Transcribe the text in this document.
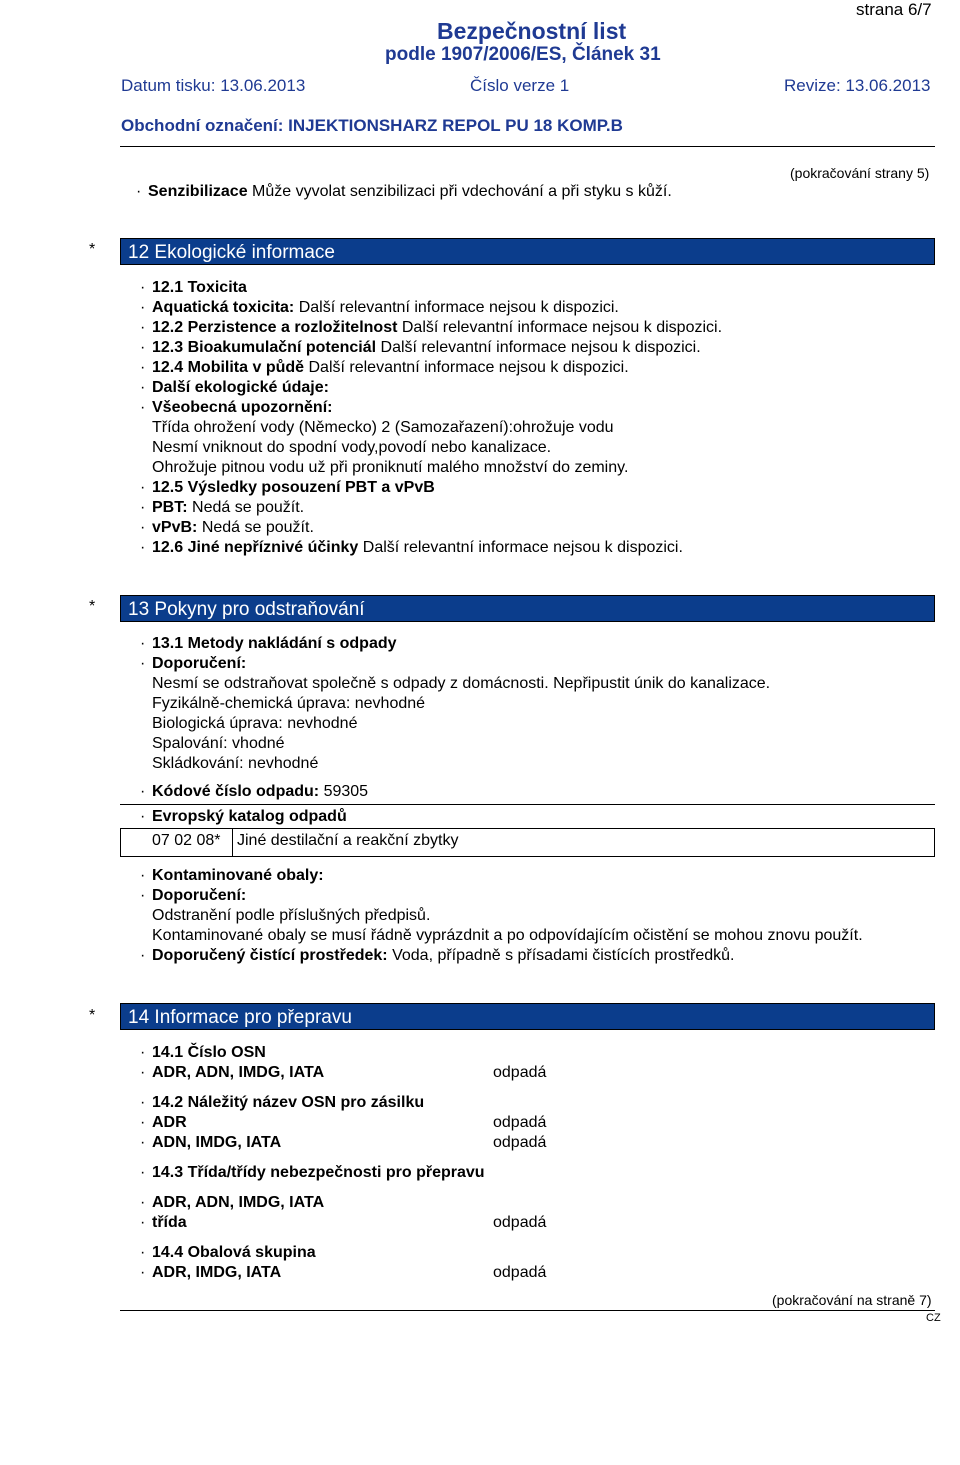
strana 6/7
Bezpečnostní list
podle 1907/2006/ES, Článek 31
Datum tisku: 13.06.2013	Číslo verze 1	Revize: 13.06.2013
Obchodní označení: INJEKTIONSHARZ REPOL PU 18 KOMP.B
(pokračování strany 5)
· Senzibilizace Může vyvolat senzibilizaci při vdechování a při styku s kůží.
*	12 Ekologické informace
· 12.1 Toxicita
· Aquatická toxicita: Další relevantní informace nejsou k dispozici.
· 12.2 Perzistence a rozložitelnost Další relevantní informace nejsou k dispozici.
· 12.3 Bioakumulační potenciál Další relevantní informace nejsou k dispozici.
· 12.4 Mobilita v půdě Další relevantní informace nejsou k dispozici.
· Další ekologické údaje:
· Všeobecná upozornění:
Třída ohrožení vody (Německo) 2 (Samozařazení):ohrožuje vodu
Nesmí vniknout do spodní vody,povodí nebo kanalizace.
Ohrožuje pitnou vodu už při proniknutí malého množství do zeminy.
· 12.5 Výsledky posouzení PBT a vPvB
· PBT: Nedá se použít.
· vPvB: Nedá se použít.
· 12.6 Jiné nepříznivé účinky Další relevantní informace nejsou k dispozici.
*	13 Pokyny pro odstraňování
· 13.1 Metody nakládání s odpady
· Doporučení:
Nesmí se odstraňovat společně s odpady z domácnosti. Nepřipustit únik do kanalizace.
Fyzikálně-chemická úprava: nevhodné
Biologická úprava: nevhodné
Spalování: vhodné
Skládkování: nevhodné
· Kódové číslo odpadu: 59305
· Evropský katalog odpadů
07 02 08* Jiné destilační a reakční zbytky
· Kontaminované obaly:
· Doporučení:
Odstranění podle příslušných předpisů.
Kontaminované obaly se musí řádně vyprázdnit a po odpovídajícím očistění se mohou znovu použít.
· Doporučený čistící prostředek: Voda, případně s přísadami čistících prostředků.
*	14 Informace pro přepravu
· 14.1 Číslo OSN
· ADR, ADN, IMDG, IATA	odpadá
· 14.2 Náležitý název OSN pro zásilku
· ADR	odpadá
· ADN, IMDG, IATA	odpadá
· 14.3 Třída/třídy nebezpečnosti pro přepravu
· ADR, ADN, IMDG, IATA
· třída	odpadá
· 14.4 Obalová skupina
· ADR, IMDG, IATA	odpadá
(pokračování na straně 7)
CZ
